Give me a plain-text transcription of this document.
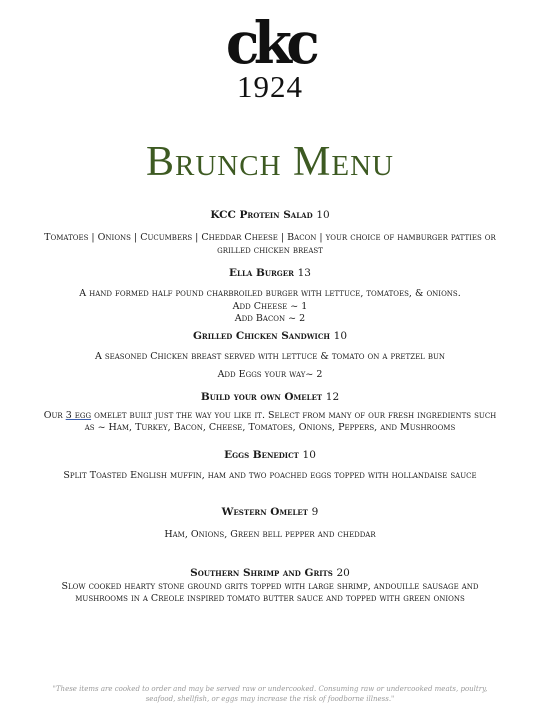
ckc
1924
Brunch Menu
KCC Protein Salad 10
Tomatoes | Onions | Cucumbers | Cheddar Cheese | Bacon | your choice of hamburger patties or grilled chicken breast
Ella Burger 13
A hand formed half pound charbroiled burger with lettuce, tomatoes, & onions.
Add Cheese ~ 1
Add Bacon ~ 2
Grilled Chicken Sandwich 10
A seasoned Chicken breast served with lettuce & tomato on a pretzel bun
Add Eggs your way~ 2
Build your own Omelet 12
Our 3 egg omelet built just the way you like it. Select from many of our fresh ingredients such as ~ Ham, Turkey, Bacon, Cheese, Tomatoes, Onions, Peppers, and Mushrooms
Eggs Benedict 10
Split Toasted English muffin, ham and two poached eggs topped with hollandaise sauce
Western Omelet 9
Ham, Onions, Green bell pepper and cheddar
Southern Shrimp and Grits 20
Slow cooked hearty stone ground grits topped with large shrimp, andouille sausage and mushrooms in a Creole inspired tomato butter sauce and topped with green onions
"These items are cooked to order and may be served raw or undercooked. Consuming raw or undercooked meats, poultry, seafood, shellfish, or eggs may increase the risk of foodborne illness."
